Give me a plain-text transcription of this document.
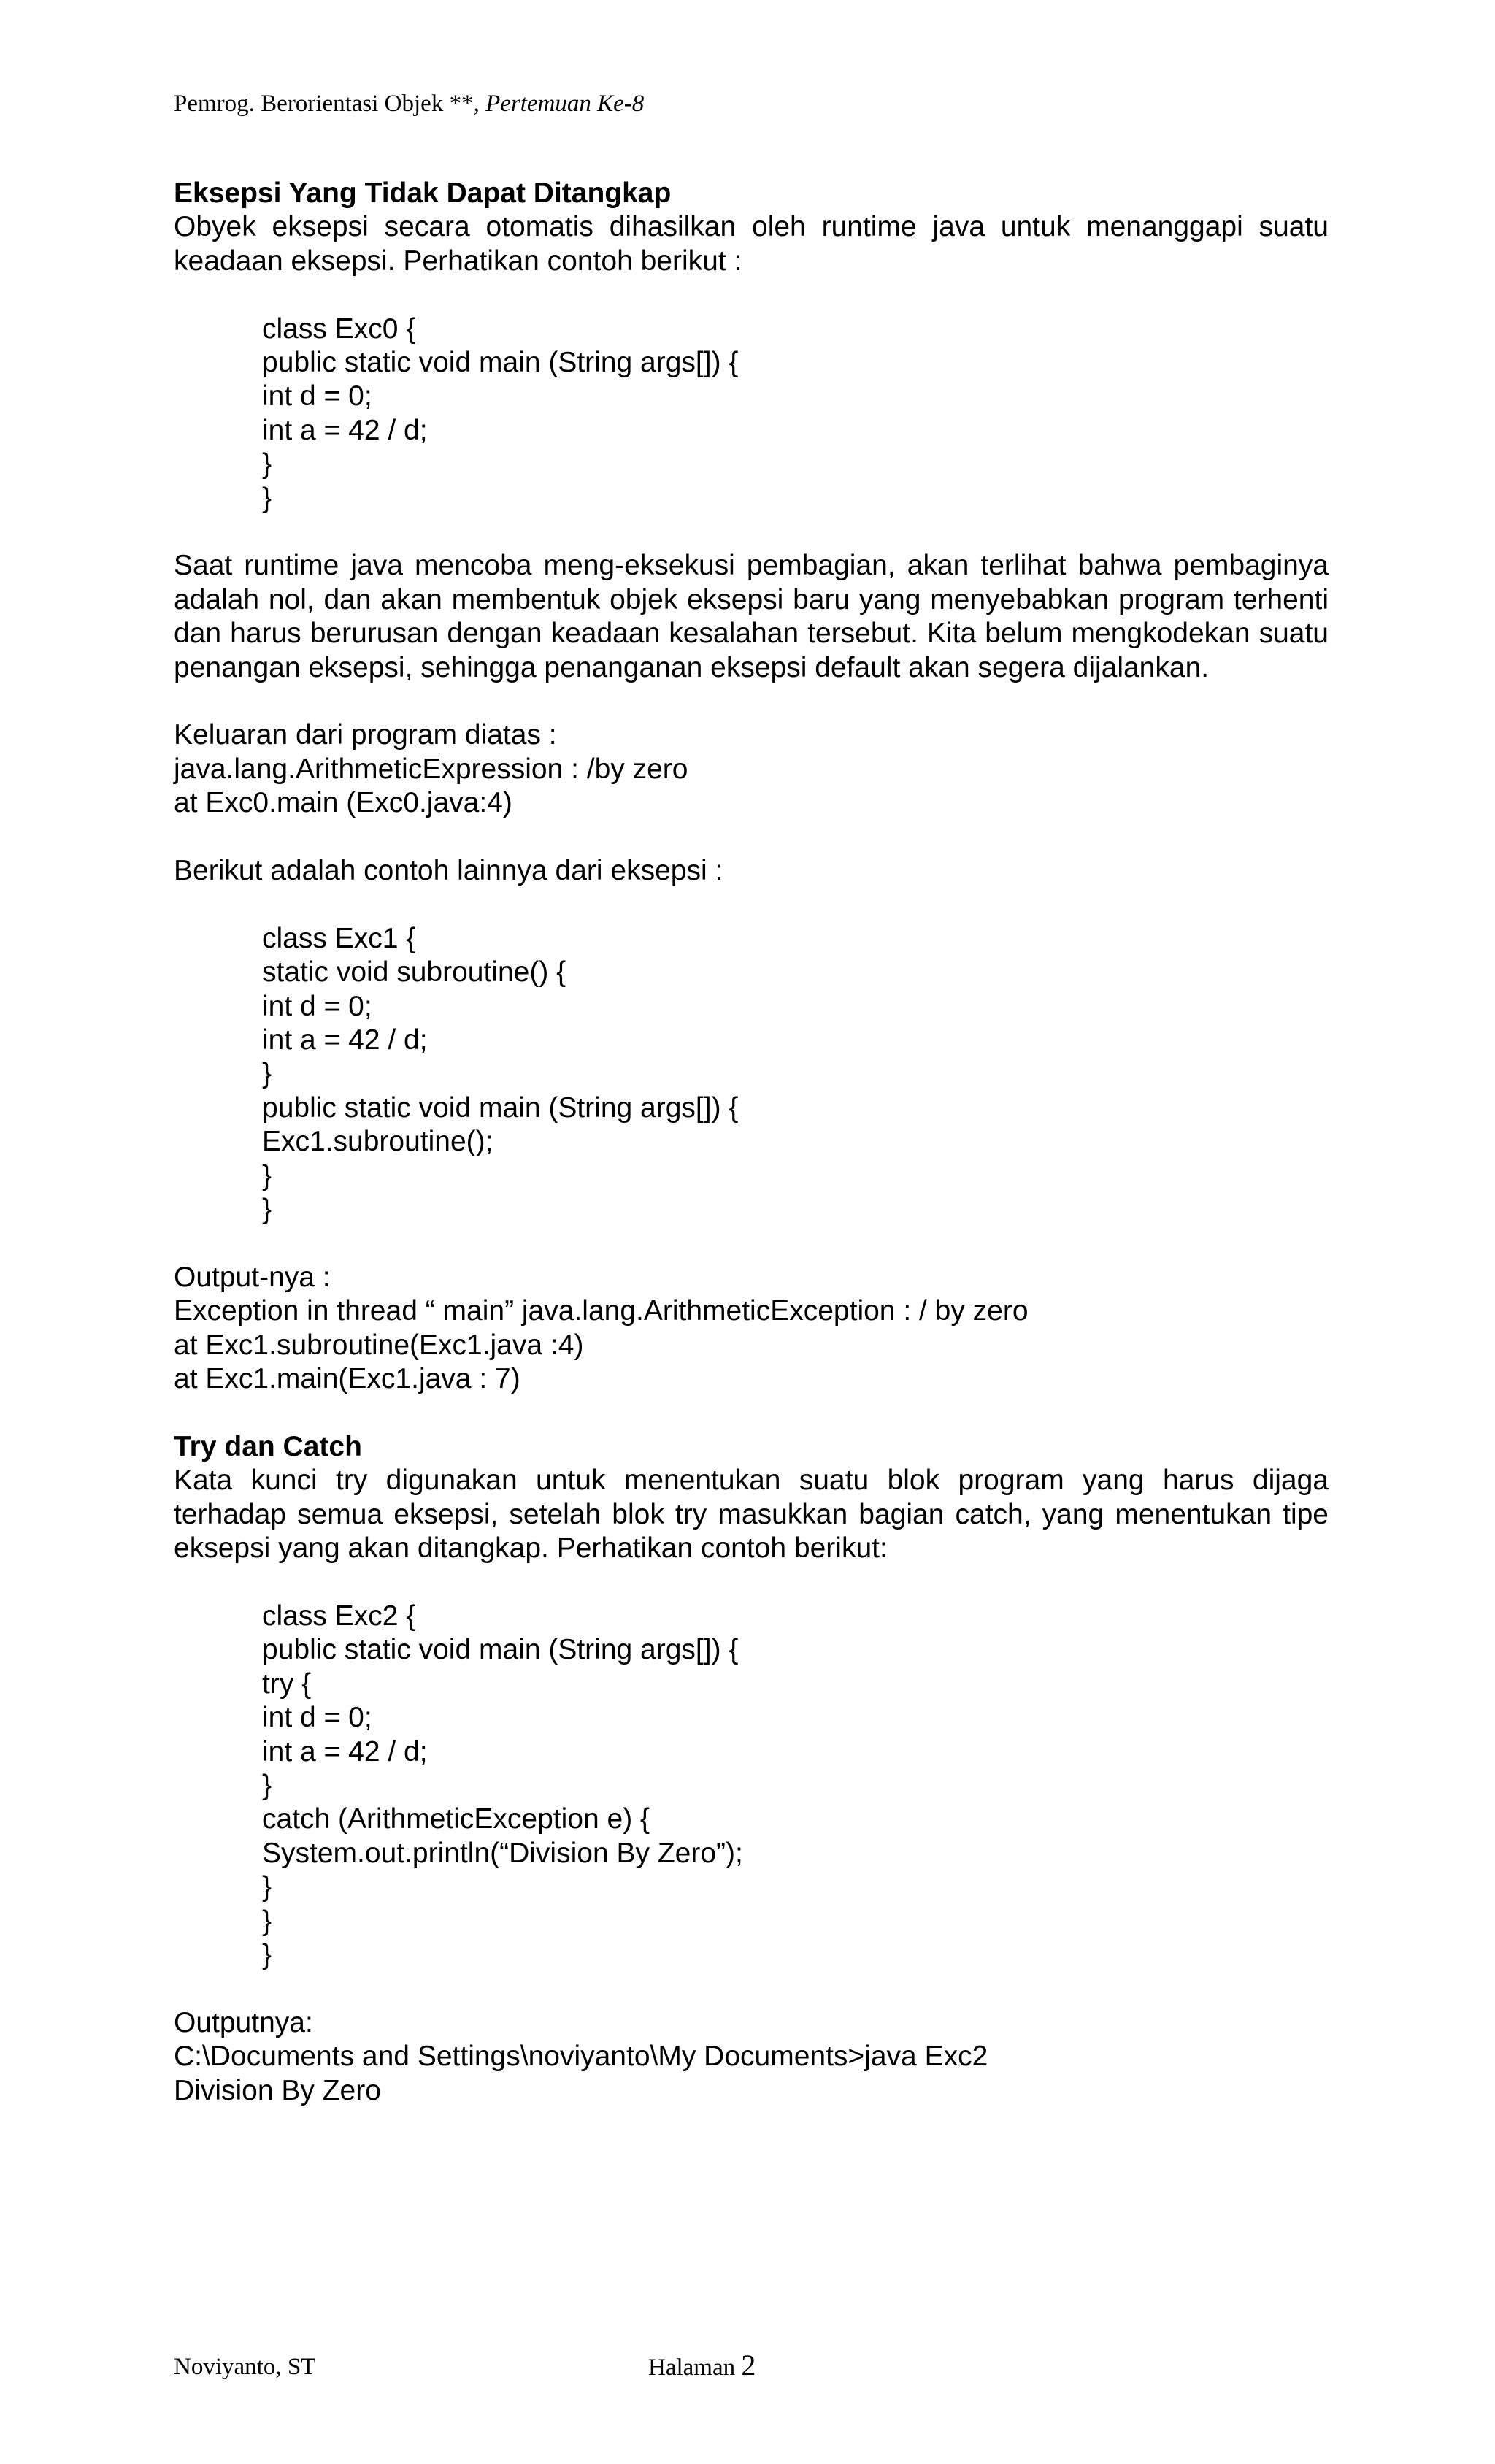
Pemrog. Berorientasi Objek **, Pertemuan Ke-8
Eksepsi Yang Tidak Dapat Ditangkap

Obyek eksepsi secara otomatis dihasilkan oleh runtime java untuk menanggapi suatu keadaan eksepsi. Perhatikan contoh berikut :

class Exc0 {
public static void main (String args[]) {
int d = 0;
int a = 42 / d;
}
}

Saat runtime java mencoba meng-eksekusi pembagian, akan terlihat bahwa pembaginya adalah nol, dan akan membentuk objek eksepsi baru yang menyebabkan program terhenti dan harus berurusan dengan keadaan kesalahan tersebut. Kita belum mengkodekan suatu penangan eksepsi, sehingga penanganan eksepsi default akan segera dijalankan.

Keluaran dari program diatas :
java.lang.ArithmeticExpression : /by zero
at Exc0.main (Exc0.java:4)

Berikut adalah contoh lainnya dari eksepsi :

class Exc1 {
static void subroutine() {
int d = 0;
int a = 42 / d;
}
public static void main (String args[]) {
Exc1.subroutine();
}
}
Output-nya :
Exception in thread “ main” java.lang.ArithmeticException : / by zero
at Exc1.subroutine(Exc1.java :4)
at Exc1.main(Exc1.java : 7)
Try dan Catch

Kata kunci try digunakan untuk menentukan suatu blok program yang harus dijaga terhadap semua eksepsi, setelah blok try masukkan bagian catch, yang menentukan tipe eksepsi yang akan ditangkap. Perhatikan contoh berikut:

class Exc2 {
public static void main (String args[]) {
try {
int d = 0;
int a = 42 / d;
}
catch (ArithmeticException e) {
System.out.println(“Division By Zero”);
}
}
}
Outputnya:
C:\Documents and Settings\noviyanto\My Documents>java Exc2
Division By Zero
Noviyanto, ST	Halaman 2
